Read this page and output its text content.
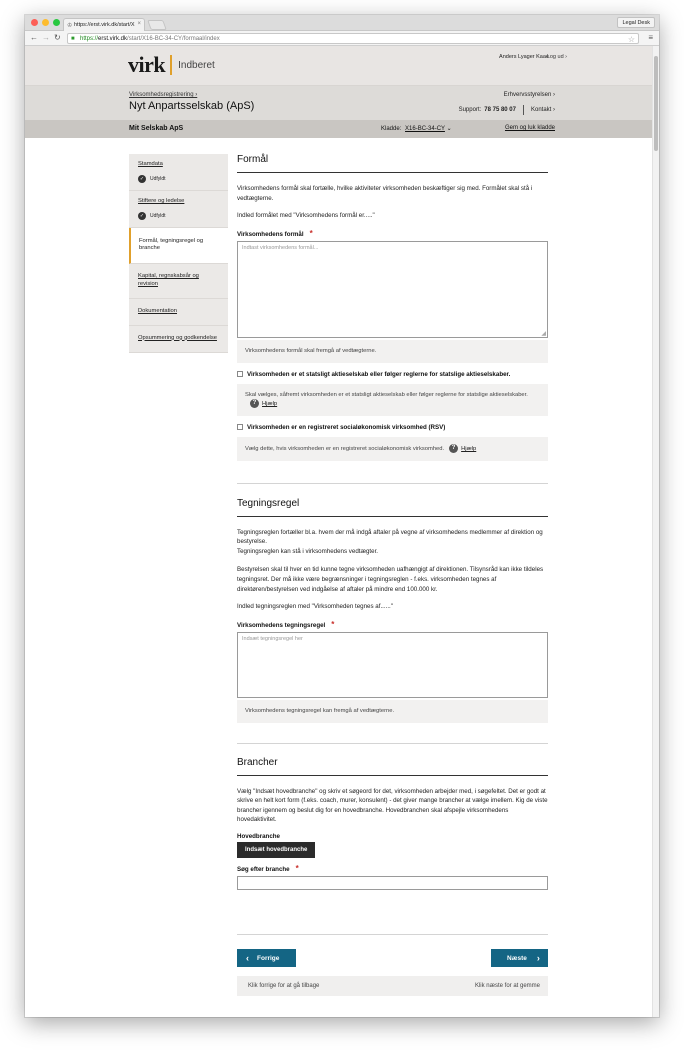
♔ https://erst.virk.dk/start/X ×	Legal Desk
← → ↻ ■ https://erst.virk.dk/start/X16-BC-34-CY/formaal/index	☆ ≡
virk Indberet
Anders Lyager Kaae
Log ud ›
Virksomhedsregistrering ›
Nyt Anpartsselskab (ApS)
Erhvervsstyrelsen ›
Support: 78 75 80 07	Kontakt ›
Mit Selskab ApS	Kladde: X16-BC-34-CY ⌄	Gem og luk kladde
Stamdata
✓	Udfyldt
Stiftere og ledelse
✓	Udfyldt
Formål, tegningsregel og branche
Kapital, regnskabsår og revision
Dokumentation
Opsummering og godkendelse
Formål
Virksomhedens formål skal fortælle, hvilke aktiviteter virksomheden beskæftiger sig med. Formålet skal stå i vedtægterne.
Indled formålet med "Virksomhedens formål er....."
Virksomhedens formål *
Indtast virksomhedens formål...
◢
Virksomhedens formål skal fremgå af vedtægterne.
Virksomheden er et statsligt aktieselskab eller følger reglerne for statslige aktieselskaber.
Skal vælges, såfremt virksomheden er et statsligt aktieselskab eller følger reglerne for statslige aktieselskaber.? Hjælp
Virksomheden er en registreret socialøkonomisk virksomhed (RSV)
Vælg dette, hvis virksomheden er en registreret socialøkonomisk virksomhed. ? Hjælp
Tegningsregel
Tegningsreglen fortæller bl.a. hvem der må indgå aftaler på vegne af virksomhedens medlemmer af direktion og bestyrelse.
Tegningsreglen kan stå i virksomhedens vedtægter.
Bestyrelsen skal til hver en tid kunne tegne virksomheden uafhængigt af direktionen. Tilsynsråd kan ikke tildeles tegningsret. Der må ikke være begrænsninger i tegningsreglen - f.eks. virksomheden tegnes af direktøren/bestyrelsen ved indgåelse af aftaler på mindre end 100.000 kr.
Indled tegningsreglen med "Virksomheden tegnes af......"
Virksomhedens tegningsregel *
Indsæt tegningsregel her
Virksomhedens tegningsregel kan fremgå af vedtægterne.
Brancher
Vælg "Indsæt hovedbranche" og skriv et søgeord for det, virksomheden arbejder med, i søgefeltet. Det er godt at skrive en helt kort form (f.eks. coach, murer, konsulent) - det giver mange brancher at vælge imellem. Kig de viste brancher igennem og beslut dig for en hovedbranche. Hovedbranchen skal afspejle virksomhedens hovedaktivitet.
Hovedbranche
Indsæt hovedbranche
Søg efter branche *
‹ Forrige	Næste ›
Klik forrige for at gå tilbage	Klik næste for at gemme
